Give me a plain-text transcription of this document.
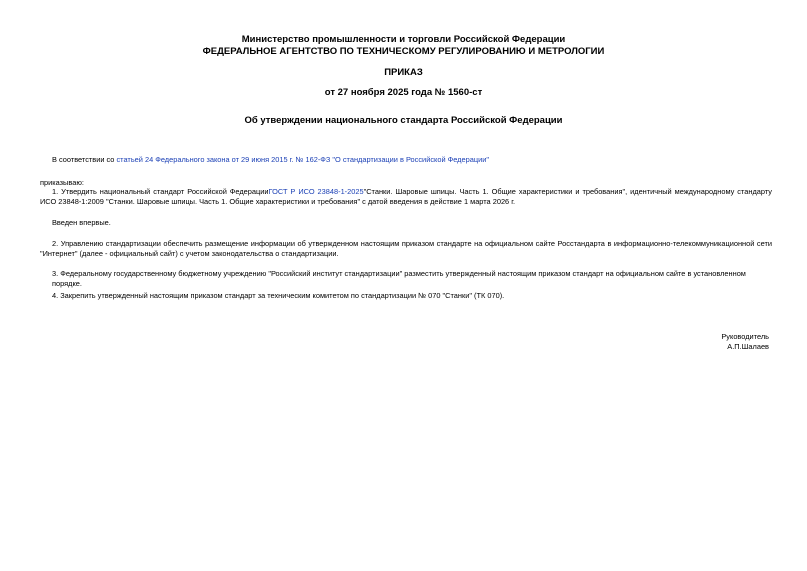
Министерство промышленности и торговли Российской Федерации
ФЕДЕРАЛЬНОЕ АГЕНТСТВО ПО ТЕХНИЧЕСКОМУ РЕГУЛИРОВАНИЮ И МЕТРОЛОГИИ
ПРИКАЗ
от 27 ноября 2025 года № 1560-ст
Об утверждении национального стандарта Российской Федерации
В соответствии со статьей 24 Федерального закона от 29 июня 2015 г. № 162-ФЗ "О стандартизации в Российской Федерации"
приказываю:
1. Утвердить национальный стандарт Российской ФедерацииГОСТ Р ИСО 23848-1-2025"Станки. Шаровые шпицы. Часть 1. Общие характеристики и требования", идентичный международному стандарту ИСО 23848-1:2009 "Станки. Шаровые шпицы. Часть 1. Общие характеристики и требования" с датой введения в действие 1 марта 2026 г.
Введен впервые.
2. Управлению стандартизации обеспечить размещение информации об утвержденном настоящим приказом стандарте на официальном сайте Росстандарта в информационно-телекоммуникационной сети "Интернет" (далее - официальный сайт) с учетом законодательства о стандартизации.
3. Федеральному государственному бюджетному учреждению "Российский институт стандартизации" разместить утвержденный настоящим приказом стандарт на официальном сайте в установленном порядке.
4. Закрепить утвержденный настоящим приказом стандарт за техническим комитетом по стандартизации № 070 "Станки" (ТК 070).
Руководитель
А.П.Шалаев
